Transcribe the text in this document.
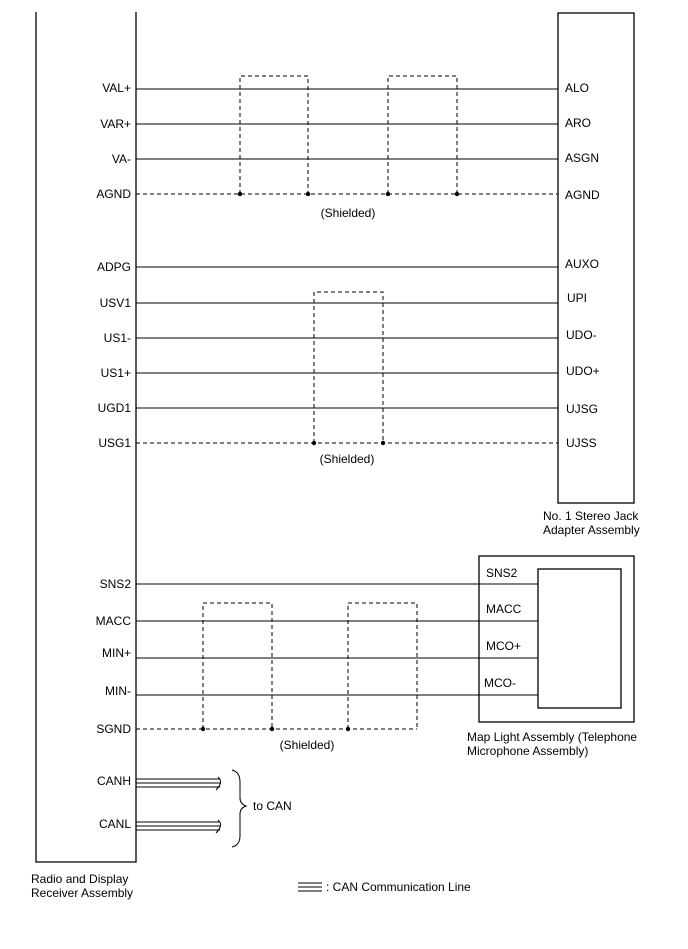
VAL+
VAR+
VA-
AGND
ADPG
USV1
US1-
US1+
UGD1
USG1
SNS2
MACC
MIN+
MIN-
SGND
CANH
CANL
ALO
ARO
ASGN
AGND
AUXO
UPI
UDO-
UDO+
UJSG
UJSS
SNS2
MACC
MCO+
MCO-
(Shielded)
(Shielded)
(Shielded)
No. 1 Stereo Jack
Adapter Assembly
Map Light Assembly (Telephone
Microphone Assembly)
Radio and Display
Receiver Assembly
to CAN
: CAN Communication Line
